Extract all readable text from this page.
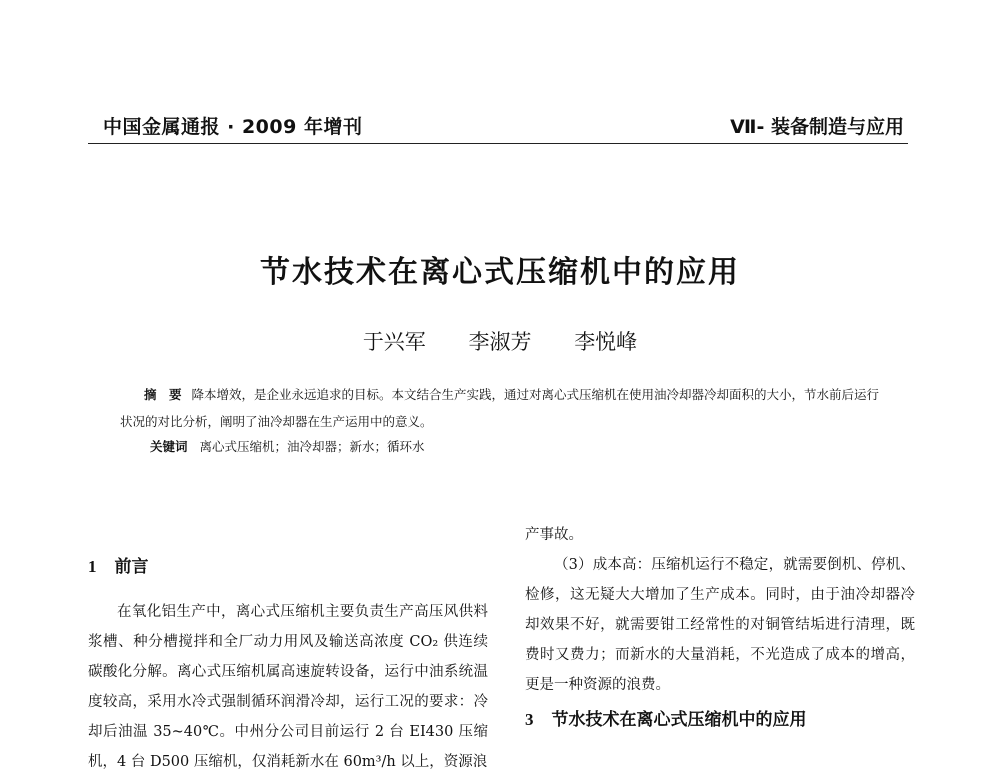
中国金属通报 · 2009 年增刊	Ⅶ- 装备制造与应用
节水技术在离心式压缩机中的应用
于兴军 李淑芳 李悦峰
摘　要 降本增效，是企业永远追求的目标。本文结合生产实践，通过对离心式压缩机在使用油冷却器冷却面积的大小，节水前后运行状况的对比分析，阐明了油冷却器在生产运用中的意义。
关键词 离心式压缩机；油冷却器；新水；循环水
1 前言

在氧化铝生产中，离心式压缩机主要负责生产高压风供料浆槽、种分槽搅拌和全厂动力用风及输送高浓度 CO₂ 供连续碳酸化分解。离心式压缩机属高速旋转设备，运行中油系统温度较高，采用水冷式强制循环润滑冷却，运行工况的要求：冷却后油温 35~40℃。中州分公司目前运行 2 台 EI430 压缩机，4 台 D500 压缩机，仅消耗新水在 60m³/h 以上，资源浪

产事故。

（3）成本高：压缩机运行不稳定，就需要倒机、停机、检修，这无疑大大增加了生产成本。同时，由于油冷却器冷却效果不好，就需要钳工经常性的对铜管结垢进行清理，既费时又费力；而新水的大量消耗，不光造成了成本的增高，更是一种资源的浪费。

3 节水技术在离心式压缩机中的应用
